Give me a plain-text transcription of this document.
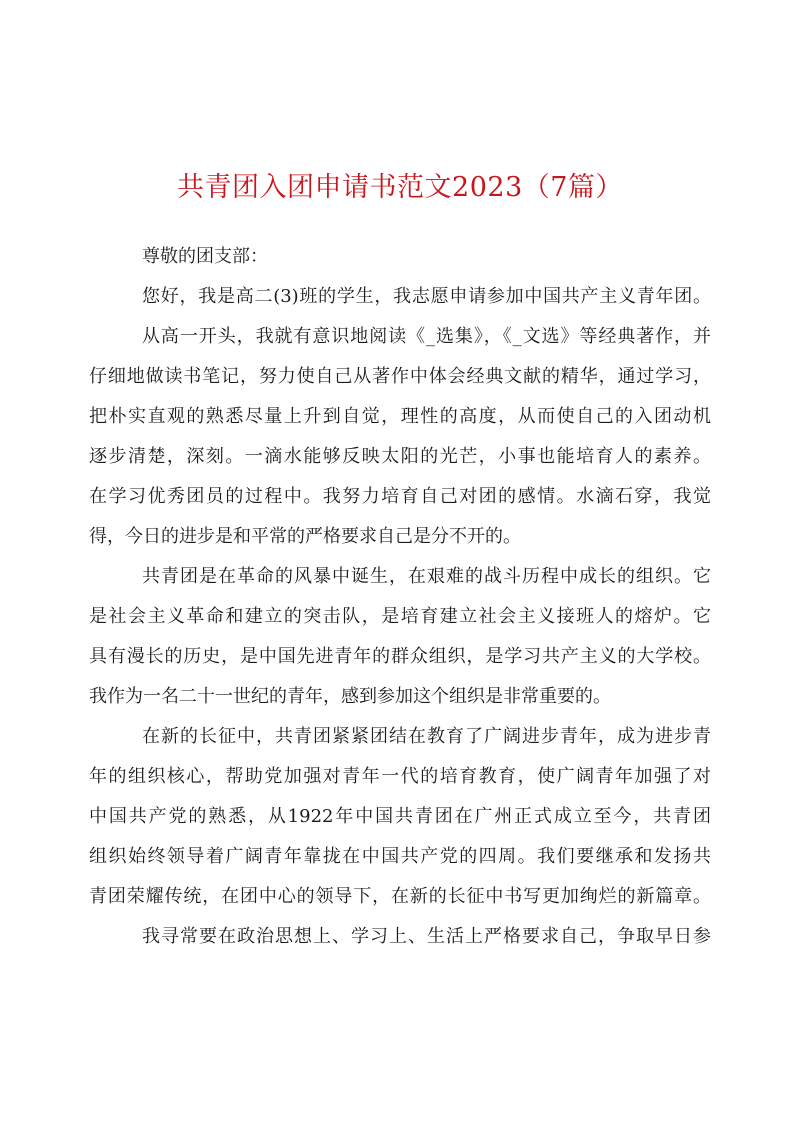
共青团入团申请书范文2023（7篇）
尊敬的团支部：
您好，我是高二(3)班的学生，我志愿申请参加中国共产主义青年团。
从高一开头，我就有意识地阅读《_选集》，《_文选》等经典著作，并
仔细地做读书笔记，努力使自己从著作中体会经典文献的精华，通过学习，
把朴实直观的熟悉尽量上升到自觉，理性的高度，从而使自己的入团动机
逐步清楚，深刻。一滴水能够反映太阳的光芒，小事也能培育人的素养。
在学习优秀团员的过程中。我努力培育自己对团的感情。水滴石穿，我觉
得，今日的进步是和平常的严格要求自己是分不开的。
共青团是在革命的风暴中诞生，在艰难的战斗历程中成长的组织。它
是社会主义革命和建立的突击队，是培育建立社会主义接班人的熔炉。它
具有漫长的历史，是中国先进青年的群众组织，是学习共产主义的大学校。
我作为一名二十一世纪的青年，感到参加这个组织是非常重要的。
在新的长征中，共青团紧紧团结在教育了广阔进步青年，成为进步青
年的组织核心，帮助党加强对青年一代的培育教育，使广阔青年加强了对
中国共产党的熟悉，从1922年中国共青团在广州正式成立至今，共青团
组织始终领导着广阔青年靠拢在中国共产党的四周。我们要继承和发扬共
青团荣耀传统，在团中心的领导下，在新的长征中书写更加绚烂的新篇章。
我寻常要在政治思想上、学习上、生活上严格要求自己，争取早日参
